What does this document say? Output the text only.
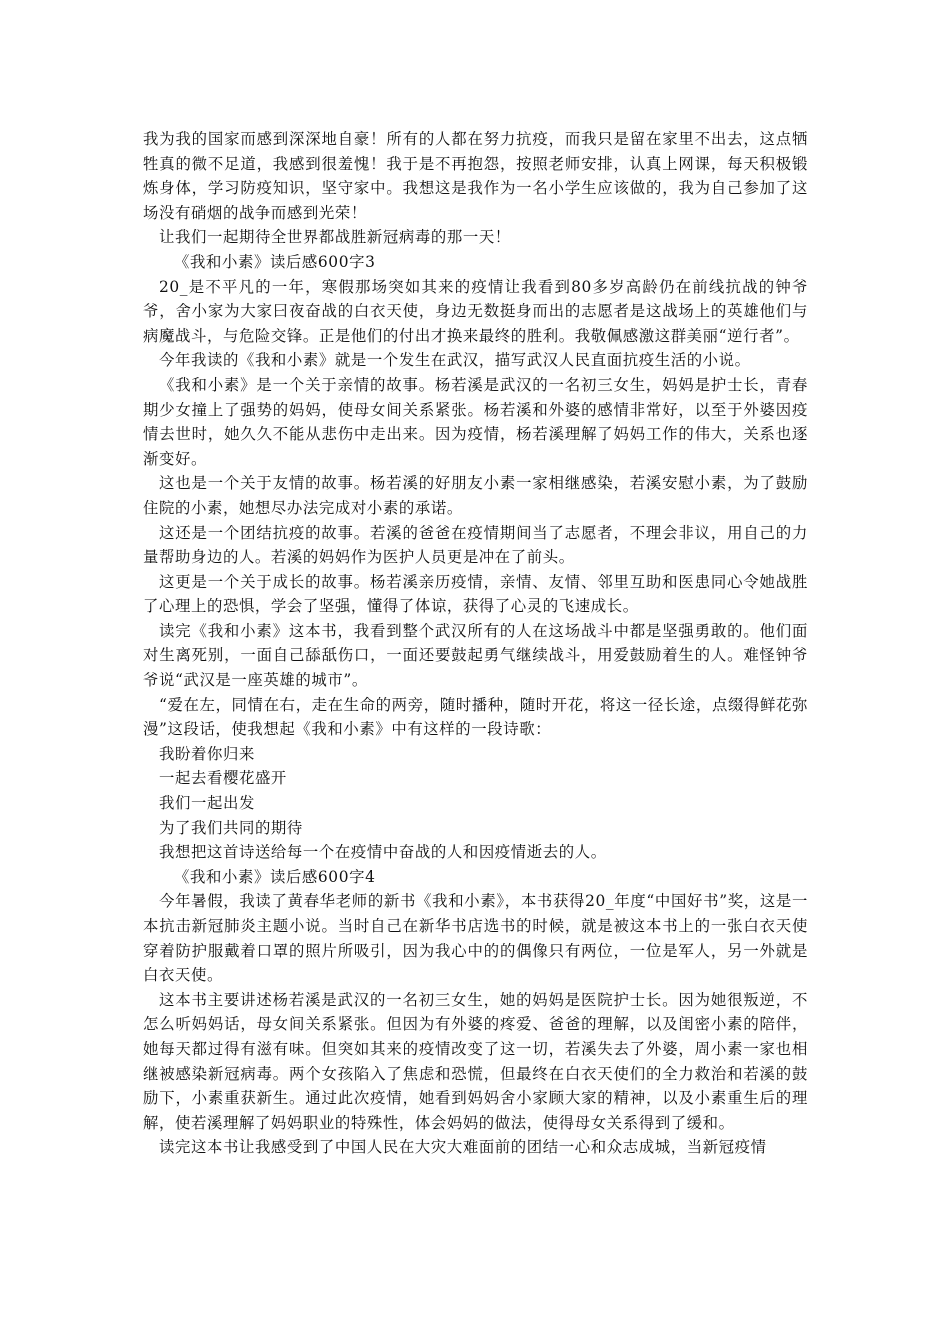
我为我的国家而感到深深地自豪！所有的人都在努力抗疫，而我只是留在家里不出去，这点牺牲真的微不足道，我感到很羞愧！我于是不再抱怨，按照老师安排，认真上网课，每天积极锻炼身体，学习防疫知识，坚守家中。我想这是我作为一名小学生应该做的，我为自己参加了这场没有硝烟的战争而感到光荣！

让我们一起期待全世界都战胜新冠病毒的那一天！

《我和小素》读后感600字3

20_是不平凡的一年，寒假那场突如其来的疫情让我看到80多岁高龄仍在前线抗战的钟爷爷，舍小家为大家曰夜奋战的白衣天使，身边无数挺身而出的志愿者是这战场上的英雄他们与病魔战斗，与危险交锋。正是他们的付出才换来最终的胜利。我敬佩感激这群美丽“逆行者”。

今年我读的《我和小素》就是一个发生在武汉，描写武汉人民直面抗疫生活的小说。

《我和小素》是一个关于亲情的故事。杨若溪是武汉的一名初三女生，妈妈是护士长，青春期少女撞上了强势的妈妈，使母女间关系紧张。杨若溪和外婆的感情非常好，以至于外婆因疫情去世时，她久久不能从悲伤中走出来。因为疫情，杨若溪理解了妈妈工作的伟大，关系也逐渐变好。

这也是一个关于友情的故事。杨若溪的好朋友小素一家相继感染，若溪安慰小素，为了鼓励住院的小素，她想尽办法完成对小素的承诺。

这还是一个团结抗疫的故事。若溪的爸爸在疫情期间当了志愿者，不理会非议，用自己的力量帮助身边的人。若溪的妈妈作为医护人员更是冲在了前头。

这更是一个关于成长的故事。杨若溪亲历疫情，亲情、友情、邻里互助和医患同心令她战胜了心理上的恐惧，学会了坚强，懂得了体谅，获得了心灵的飞速成长。

读完《我和小素》这本书，我看到整个武汉所有的人在这场战斗中都是坚强勇敢的。他们面对生离死别，一面自己舔舐伤口，一面还要鼓起勇气继续战斗，用爱鼓励着生的人。难怪钟爷爷说“武汉是一座英雄的城市”。

“爱在左，同情在右，走在生命的两旁，随时播种，随时开花，将这一径长途，点缀得鲜花弥漫”这段话，使我想起《我和小素》中有这样的一段诗歌：

我盼着你归来

一起去看樱花盛开

我们一起出发

为了我们共同的期待

我想把这首诗送给每一个在疫情中奋战的人和因疫情逝去的人。

《我和小素》读后感600字4

今年暑假，我读了黄春华老师的新书《我和小素》，本书获得20_年度“中国好书”奖，这是一本抗击新冠肺炎主题小说。当时自己在新华书店选书的时候，就是被这本书上的一张白衣天使穿着防护服戴着口罩的照片所吸引，因为我心中的的偶像只有两位，一位是军人，另一外就是白衣天使。

这本书主要讲述杨若溪是武汉的一名初三女生，她的妈妈是医院护士长。因为她很叛逆，不怎么听妈妈话，母女间关系紧张。但因为有外婆的疼爱、爸爸的理解，以及闺密小素的陪伴，她每天都过得有滋有味。但突如其来的疫情改变了这一切，若溪失去了外婆，周小素一家也相继被感染新冠病毒。两个女孩陷入了焦虑和恐慌，但最终在白衣天使们的全力救治和若溪的鼓励下，小素重获新生。通过此次疫情，她看到妈妈舍小家顾大家的精神，以及小素重生后的理解，使若溪理解了妈妈职业的特殊性，体会妈妈的做法，使得母女关系得到了缓和。

读完这本书让我感受到了中国人民在大灾大难面前的团结一心和众志成城，当新冠疫情
